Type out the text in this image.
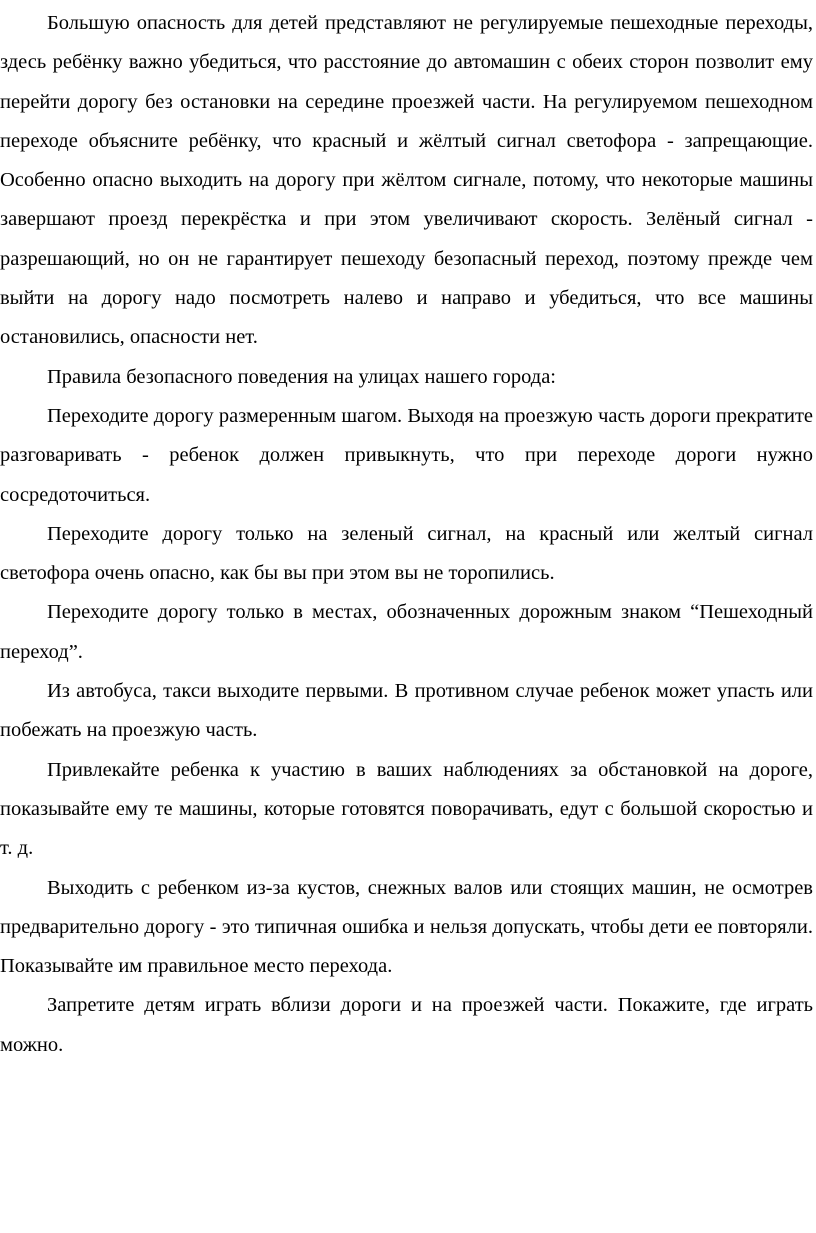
Большую опасность для детей представляют не регулируемые пешеходные переходы, здесь ребёнку важно убедиться, что расстояние до автомашин с обеих сторон позволит ему перейти дорогу без остановки на середине проезжей части. На регулируемом пешеходном переходе объясните ребёнку, что красный и жёлтый сигнал светофора - запрещающие. Особенно опасно выходить на дорогу при жёлтом сигнале, потому, что некоторые машины завершают проезд перекрёстка и при этом увеличивают скорость. Зелёный сигнал - разрешающий, но он не гарантирует пешеходу безопасный переход, поэтому прежде чем выйти на дорогу надо посмотреть налево и направо и убедиться, что все машины остановились, опасности нет.

Правила безопасного поведения на улицах нашего города:

Переходите дорогу размеренным шагом. Выходя на проезжую часть дороги прекратите разговаривать - ребенок должен привыкнуть, что при переходе дороги нужно сосредоточиться.

Переходите дорогу только на зеленый сигнал, на красный или желтый сигнал светофора очень опасно, как бы вы при этом вы не торопились.

Переходите дорогу только в местах, обозначенных дорожным знаком “Пешеходный переход”.

Из автобуса, такси выходите первыми. В противном случае ребенок может упасть или побежать на проезжую часть.

Привлекайте ребенка к участию в ваших наблюдениях за обстановкой на дороге, показывайте ему те машины, которые готовятся поворачивать, едут с большой скоростью и т. д.

Выходить с ребенком из-за кустов, снежных валов или стоящих машин, не осмотрев предварительно дорогу - это типичная ошибка и нельзя допускать, чтобы дети ее повторяли. Показывайте им правильное место перехода.

Запретите детям играть вблизи дороги и на проезжей части. Покажите, где играть можно.
